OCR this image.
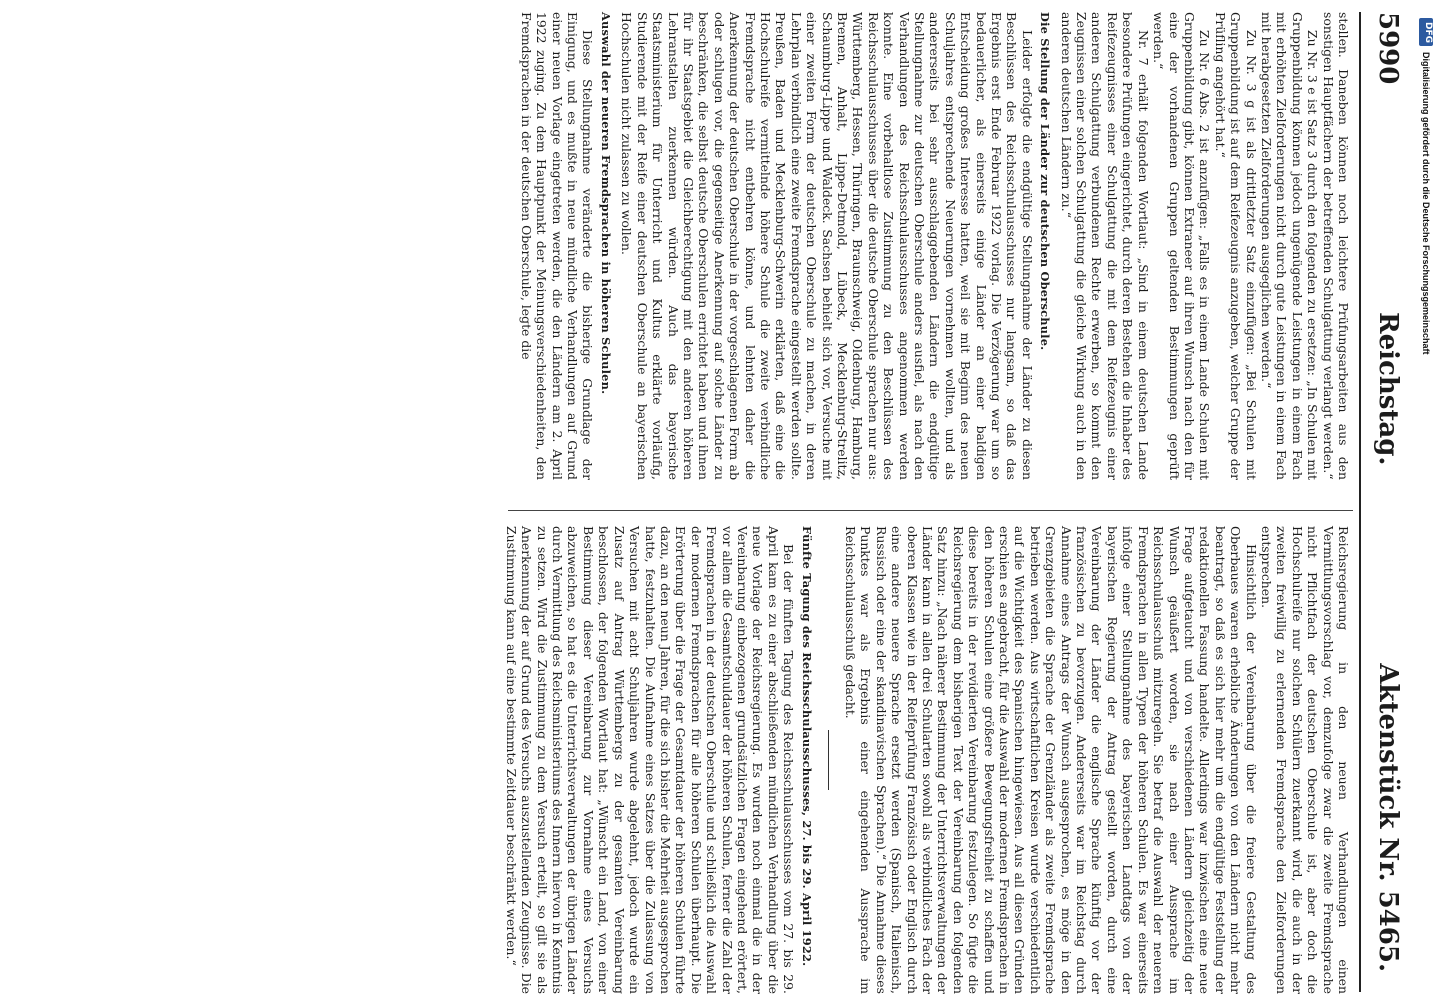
5990
Reichstag.
Aktenstück Nr. 5465.

stellen. Daneben können noch leichtere Prüfungsarbeiten aus den sonstigen Hauptfächern der betreffenden Schulgattung verlangt werden.“

Zu Nr. 3 e ist Satz 3 durch den folgenden zu ersetzen: „In Schulen mit Gruppenbildung können jedoch ungenügende Leistungen in einem Fach mit erhöhten Zielforderungen nicht durch gute Leistungen in einem Fach mit herabgesetzten Zielforderungen ausgeglichen werden.“

Zu Nr. 3 g ist als drittletzter Satz einzufügen: „Bei Schulen mit Gruppenbildung ist auf dem Reifezeugnis anzugeben, welcher Gruppe der Prüfling angehört hat.“

Zu Nr. 6 Abs. 2 ist anzufügen: „Falls es in einem Lande Schulen mit Gruppenbildung gibt, können Extraneer auf ihren Wunsch nach den für eine der vorhandenen Gruppen geltenden Bestimmungen geprüft werden.“

Nr. 7 erhält folgenden Wortlaut: „Sind in einem deutschen Lande besondere Prüfungen eingerichtet, durch deren Bestehen die Inhaber des Reifezeugnisses einer Schulgattung die mit dem Reifezeugnis einer anderen Schulgattung verbundenen Rechte erwerben, so kommt den Zeugnissen einer solchen Schulgattung die gleiche Wirkung auch in den anderen deutschen Ländern zu.“

Die Stellung der Länder zur deutschen Oberschule.

Leider erfolgte die endgültige Stellungnahme der Länder zu diesen Beschlüssen des Reichsschulausschusses nur langsam, so daß das Ergebnis erst Ende Februar 1922 vorlag. Die Verzögerung war um so bedauerlicher, als einerseits einige Länder an einer baldigen Entscheidung großes Interesse hatten, weil sie mit Beginn des neuen Schuljahres entsprechende Neuerungen vornehmen wollten, und als andererseits bei sehr ausschlaggebenden Ländern die endgültige Stellungnahme zur deutschen Oberschule anders ausfiel, als nach den Verhandlungen des Reichsschulausschusses angenommen werden konnte. Eine vorbehaltlose Zustimmung zu den Beschlüssen des Reichsschulausschusses über die deutsche Oberschule sprachen nur aus: Württemberg, Hessen, Thüringen, Braunschweig, Oldenburg, Hamburg, Bremen, Anhalt, Lippe-Detmold, Lübeck, Mecklenburg-Strelitz, Schaumburg-Lippe und Waldeck. Sachsen behielt sich vor, Versuche mit einer zweiten Form der deutschen Oberschule zu machen, in deren Lehrplan verbindlich eine zweite Fremdsprache eingestellt werden sollte. Preußen, Baden und Mecklenburg-Schwerin erklärten, daß eine die Hochschulreife vermittelnde höhere Schule die zweite verbindliche Fremdsprache nicht entbehren könne, und lehnten daher die Anerkennung der deutschen Oberschule in der vorgeschlagenen Form ab oder schlugen vor, die gegenseitige Anerkennung auf solche Länder zu beschränken, die selbst deutsche Oberschulen errichtet haben und ihnen für ihr Staatsgebiet die Gleichberechtigung mit den anderen höheren Lehranstalten zuerkennen würden. Auch das bayerische Staatsministerium für Unterricht und Kultus erklärte vorläufig, Studierende mit der Reife einer deutschen Oberschule an bayerischen Hochschulen nicht zulassen zu wollen.

Auswahl der neueren Fremdsprachen in höheren Schulen.

Diese Stellungnahme veränderte die bisherige Grundlage der Einigung, und es mußte in neue mündliche Verhandlungen auf Grund einer neuen Vorlage eingetreten werden, die den Ländern am 2. April 1922 zuging. Zu dem Hauptpunkt der Meinungsverschiedenheiten, den Fremdsprachen in der deutschen Oberschule, legte die

Reichsregierung in den neuen Verhandlungen einen Vermittlungsvorschlag vor, demzufolge zwar die zweite Fremdsprache nicht Pflichtfach der deutschen Oberschule ist, aber doch die Hochschulreife nur solchen Schülern zuerkannt wird, die auch in der zweiten freiwillig zu erlernenden Fremdsprache den Zielforderungen entsprechen.

Hinsichtlich der Vereinbarung über die freiere Gestaltung des Oberbaues waren erhebliche Änderungen von den Ländern nicht mehr beantragt, so daß es sich hier mehr um die endgültige Feststellung der redaktionellen Fassung handelte. Allerdings war inzwischen eine neue Frage aufgetaucht und von verschiedenen Ländern gleichzeitig der Wunsch geäußert worden, sie nach einer Aussprache im Reichsschulausschuß mitzuregeln. Sie betraf die Auswahl der neueren Fremdsprachen in allen Typen der höheren Schulen. Es war einerseits infolge einer Stellungnahme des bayerischen Landtags von der bayerischen Regierung der Antrag gestellt worden, durch eine Vereinbarung der Länder die englische Sprache künftig vor der französischen zu bevorzugen. Andererseits war im Reichstag durch Annahme eines Antrags der Wunsch ausgesprochen, es möge in den Grenzgebieten die Sprache der Grenzländer als zweite Fremdsprache betrieben werden. Aus wirtschaftlichen Kreisen wurde verschiedentlich auf die Wichtigkeit des Spanischen hingewiesen. Aus all diesen Gründen erschien es angebracht, für die Auswahl der modernen Fremdsprachen in den höheren Schulen eine größere Bewegungsfreiheit zu schaffen und diese bereits in der revidierten Vereinbarung festzulegen. So fügte die Reichsregierung dem bisherigen Text der Vereinbarung den folgenden Satz hinzu: „Nach näherer Bestimmung der Unterrichtsverwaltungen der Länder kann in allen drei Schularten sowohl als verbindliches Fach der oberen Klassen wie in der Reifeprüfung Französisch oder Englisch durch eine andere neuere Sprache ersetzt werden (Spanisch, Italienisch, Russisch oder eine der skandinavischen Sprachen).“ Die Annahme dieses Punktes war als Ergebnis einer eingehenden Aussprache im Reichsschulausschuß gedacht.

Fünfte Tagung des Reichsschulausschusses, 27. bis 29. April 1922.

Bei der fünften Tagung des Reichsschulausschusses vom 27. bis 29. April kam es zu einer abschließenden mündlichen Verhandlung über die neue Vorlage der Reichsregierung. Es wurden noch einmal die in der Vereinbarung einbezogenen grundsätzlichen Fragen eingehend erörtert, vor allem die Gesamtschuldauer der höheren Schulen, ferner die Zahl der Fremdsprachen in der deutschen Oberschule und schließlich die Auswahl der modernen Fremdsprachen für alle höheren Schulen überhaupt. Die Erörterung über die Frage der Gesamtdauer der höheren Schulen führte dazu, an den neun Jahren, für die sich bisher die Mehrheit ausgesprochen hatte, festzuhalten. Die Aufnahme eines Satzes über die Zulassung von Versuchen mit acht Schuljahren wurde abgelehnt, jedoch wurde ein Zusatz auf Antrag Württembergs zu der gesamten Vereinbarung beschlossen, der folgenden Wortlaut hat: „Wünscht ein Land, von einer Bestimmung dieser Vereinbarung zur Vornahme eines Versuchs abzuweichen, so hat es die Unterrichtsverwaltungen der übrigen Länder durch Vermittlung des Reichsministeriums des Innern hiervon in Kenntnis zu setzen. Wird die Zustimmung zu dem Versuch erteilt, so gilt sie als Anerkennung der auf Grund des Versuchs auszustellenden Zeugnisse. Die Zustimmung kann auf eine bestimmte Zeitdauer beschränkt werden.“

DFG
Digitalisierung gefördert durch die Deutsche Forschungsgemeinschaft
